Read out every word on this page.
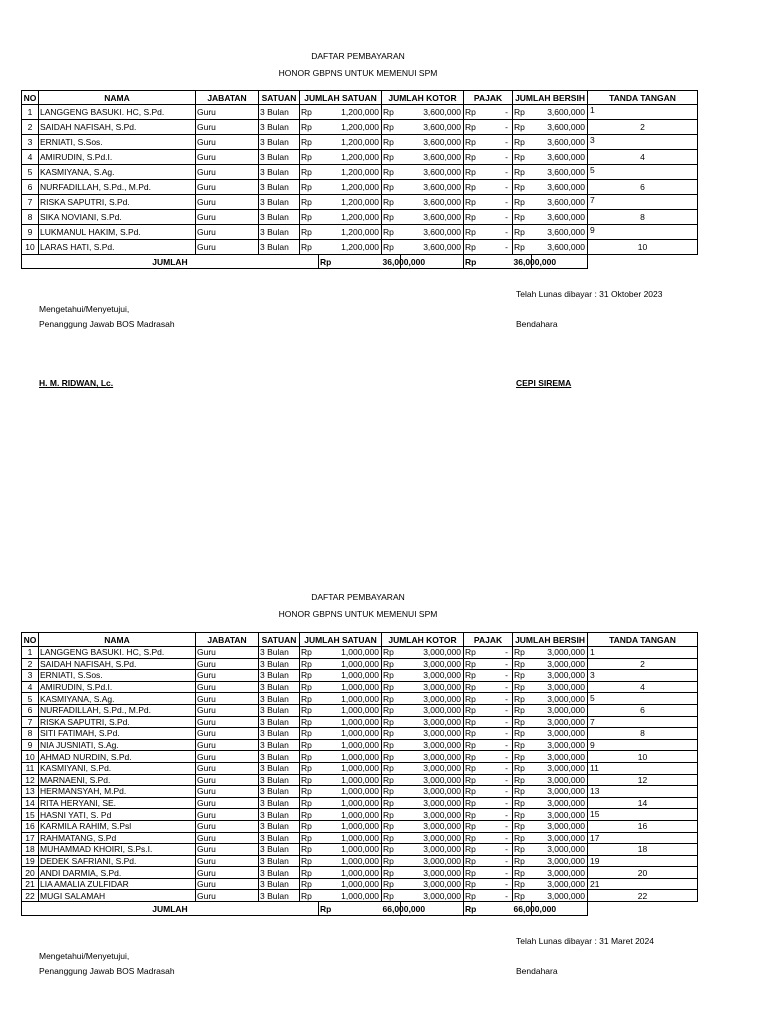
DAFTAR PEMBAYARAN
HONOR GBPNS UNTUK MEMENUI SPM
NO	NAMA	JABATAN	SATUAN	JUMLAH SATUAN		JUMLAH KOTOR		PAJAK	JUMLAH BERSIH		TANDA TANGAN
1	LANGGENG BASUKI. HC, S.Pd.	Guru	3 Bulan	Rp	1,200,000	Rp	3,600,000	Rp -	Rp	3,600,000	1

2	SAIDAH NAFISAH, S.Pd.	Guru	3 Bulan	Rp	1,200,000	Rp	3,600,000	Rp -	Rp	3,600,000	2

3	ERNIATI, S.Sos.	Guru	3 Bulan	Rp	1,200,000	Rp	3,600,000	Rp -	Rp	3,600,000	3

4	AMIRUDIN, S.Pd.I.	Guru	3 Bulan	Rp	1,200,000	Rp	3,600,000	Rp -	Rp	3,600,000	4

5	KASMIYANA, S.Ag.	Guru	3 Bulan	Rp	1,200,000	Rp	3,600,000	Rp -	Rp	3,600,000	5

6	NURFADILLAH, S.Pd., M.Pd.	Guru	3 Bulan	Rp	1,200,000	Rp	3,600,000	Rp -	Rp	3,600,000	6

7	RISKA SAPUTRI, S.Pd.	Guru	3 Bulan	Rp	1,200,000	Rp	3,600,000	Rp -	Rp	3,600,000	7

8	SIKA NOVIANI, S.Pd.	Guru	3 Bulan	Rp	1,200,000	Rp	3,600,000	Rp -	Rp	3,600,000	8

9	LUKMANUL HAKIM, S.Pd.	Guru	3 Bulan	Rp	1,200,000	Rp	3,600,000	Rp -	Rp	3,600,000	9

10	LARAS HATI, S.Pd.	Guru	3 Bulan	Rp	1,200,000	Rp	3,600,000	Rp -	Rp	3,600,000	10

JUMLAH					Rp	36,000,000		Rp	36,000,000		
Telah Lunas dibayar : 31 Oktober 2023
Mengetahui/Menyetujui,
Penanggung Jawab BOS Madrasah	Bendahara
H. M. RIDWAN, Lc.	CEPI SIREMA
DAFTAR PEMBAYARAN
HONOR GBPNS UNTUK MEMENUI SPM
NO	NAMA	JABATAN	SATUAN	JUMLAH SATUAN		JUMLAH KOTOR		PAJAK	JUMLAH BERSIH		TANDA TANGAN
1	LANGGENG BASUKI. HC, S.Pd.	Guru	3 Bulan	Rp	1,000,000	Rp	3,000,000	Rp -	Rp	3,000,000	1

2	SAIDAH NAFISAH, S.Pd.	Guru	3 Bulan	Rp	1,000,000	Rp	3,000,000	Rp -	Rp	3,000,000	2

3	ERNIATI, S.Sos.	Guru	3 Bulan	Rp	1,000,000	Rp	3,000,000	Rp -	Rp	3,000,000	3

4	AMIRUDIN, S.Pd.I.	Guru	3 Bulan	Rp	1,000,000	Rp	3,000,000	Rp -	Rp	3,000,000	4

5	KASMIYANA, S.Ag.	Guru	3 Bulan	Rp	1,000,000	Rp	3,000,000	Rp -	Rp	3,000,000	5

6	NURFADILLAH, S.Pd., M.Pd.	Guru	3 Bulan	Rp	1,000,000	Rp	3,000,000	Rp -	Rp	3,000,000	6

7	RISKA SAPUTRI, S.Pd.	Guru	3 Bulan	Rp	1,000,000	Rp	3,000,000	Rp -	Rp	3,000,000	7

8	SITI FATIMAH, S.Pd.	Guru	3 Bulan	Rp	1,000,000	Rp	3,000,000	Rp -	Rp	3,000,000	8

9	NIA JUSNIATI, S.Ag.	Guru	3 Bulan	Rp	1,000,000	Rp	3,000,000	Rp -	Rp	3,000,000	9

10	AHMAD NURDIN, S.Pd.	Guru	3 Bulan	Rp	1,000,000	Rp	3,000,000	Rp -	Rp	3,000,000	10

11	KASMIYANI, S.Pd.	Guru	3 Bulan	Rp	1,000,000	Rp	3,000,000	Rp -	Rp	3,000,000	11

12	MARNAENI, S.Pd.	Guru	3 Bulan	Rp	1,000,000	Rp	3,000,000	Rp -	Rp	3,000,000	12

13	HERMANSYAH, M.Pd.	Guru	3 Bulan	Rp	1,000,000	Rp	3,000,000	Rp -	Rp	3,000,000	13

14	RITA HERYANI, SE.	Guru	3 Bulan	Rp	1,000,000	Rp	3,000,000	Rp -	Rp	3,000,000	14

15	HASNI YATI, S. Pd	Guru	3 Bulan	Rp	1,000,000	Rp	3,000,000	Rp -	Rp	3,000,000	15

16	KARMILA RAHIM, S.Psl	Guru	3 Bulan	Rp	1,000,000	Rp	3,000,000	Rp -	Rp	3,000,000	16

17	RAHMATANG, S.Pd	Guru	3 Bulan	Rp	1,000,000	Rp	3,000,000	Rp -	Rp	3,000,000	17

18	MUHAMMAD KHOIRI, S.Ps.I.	Guru	3 Bulan	Rp	1,000,000	Rp	3,000,000	Rp -	Rp	3,000,000	18

19	DEDEK SAFRIANI, S.Pd.	Guru	3 Bulan	Rp	1,000,000	Rp	3,000,000	Rp -	Rp	3,000,000	19

20	ANDI DARMIA, S.Pd.	Guru	3 Bulan	Rp	1,000,000	Rp	3,000,000	Rp -	Rp	3,000,000	20

21	LIA AMALIA ZULFIDAR	Guru	3 Bulan	Rp	1,000,000	Rp	3,000,000	Rp -	Rp	3,000,000	21

22	MUGI SALAMAH	Guru	3 Bulan	Rp	1,000,000	Rp	3,000,000	Rp -	Rp	3,000,000	22

JUMLAH					Rp	66,000,000		Rp	66,000,000		
Telah Lunas dibayar : 31 Maret 2024
Mengetahui/Menyetujui,
Penanggung Jawab BOS Madrasah	Bendahara
